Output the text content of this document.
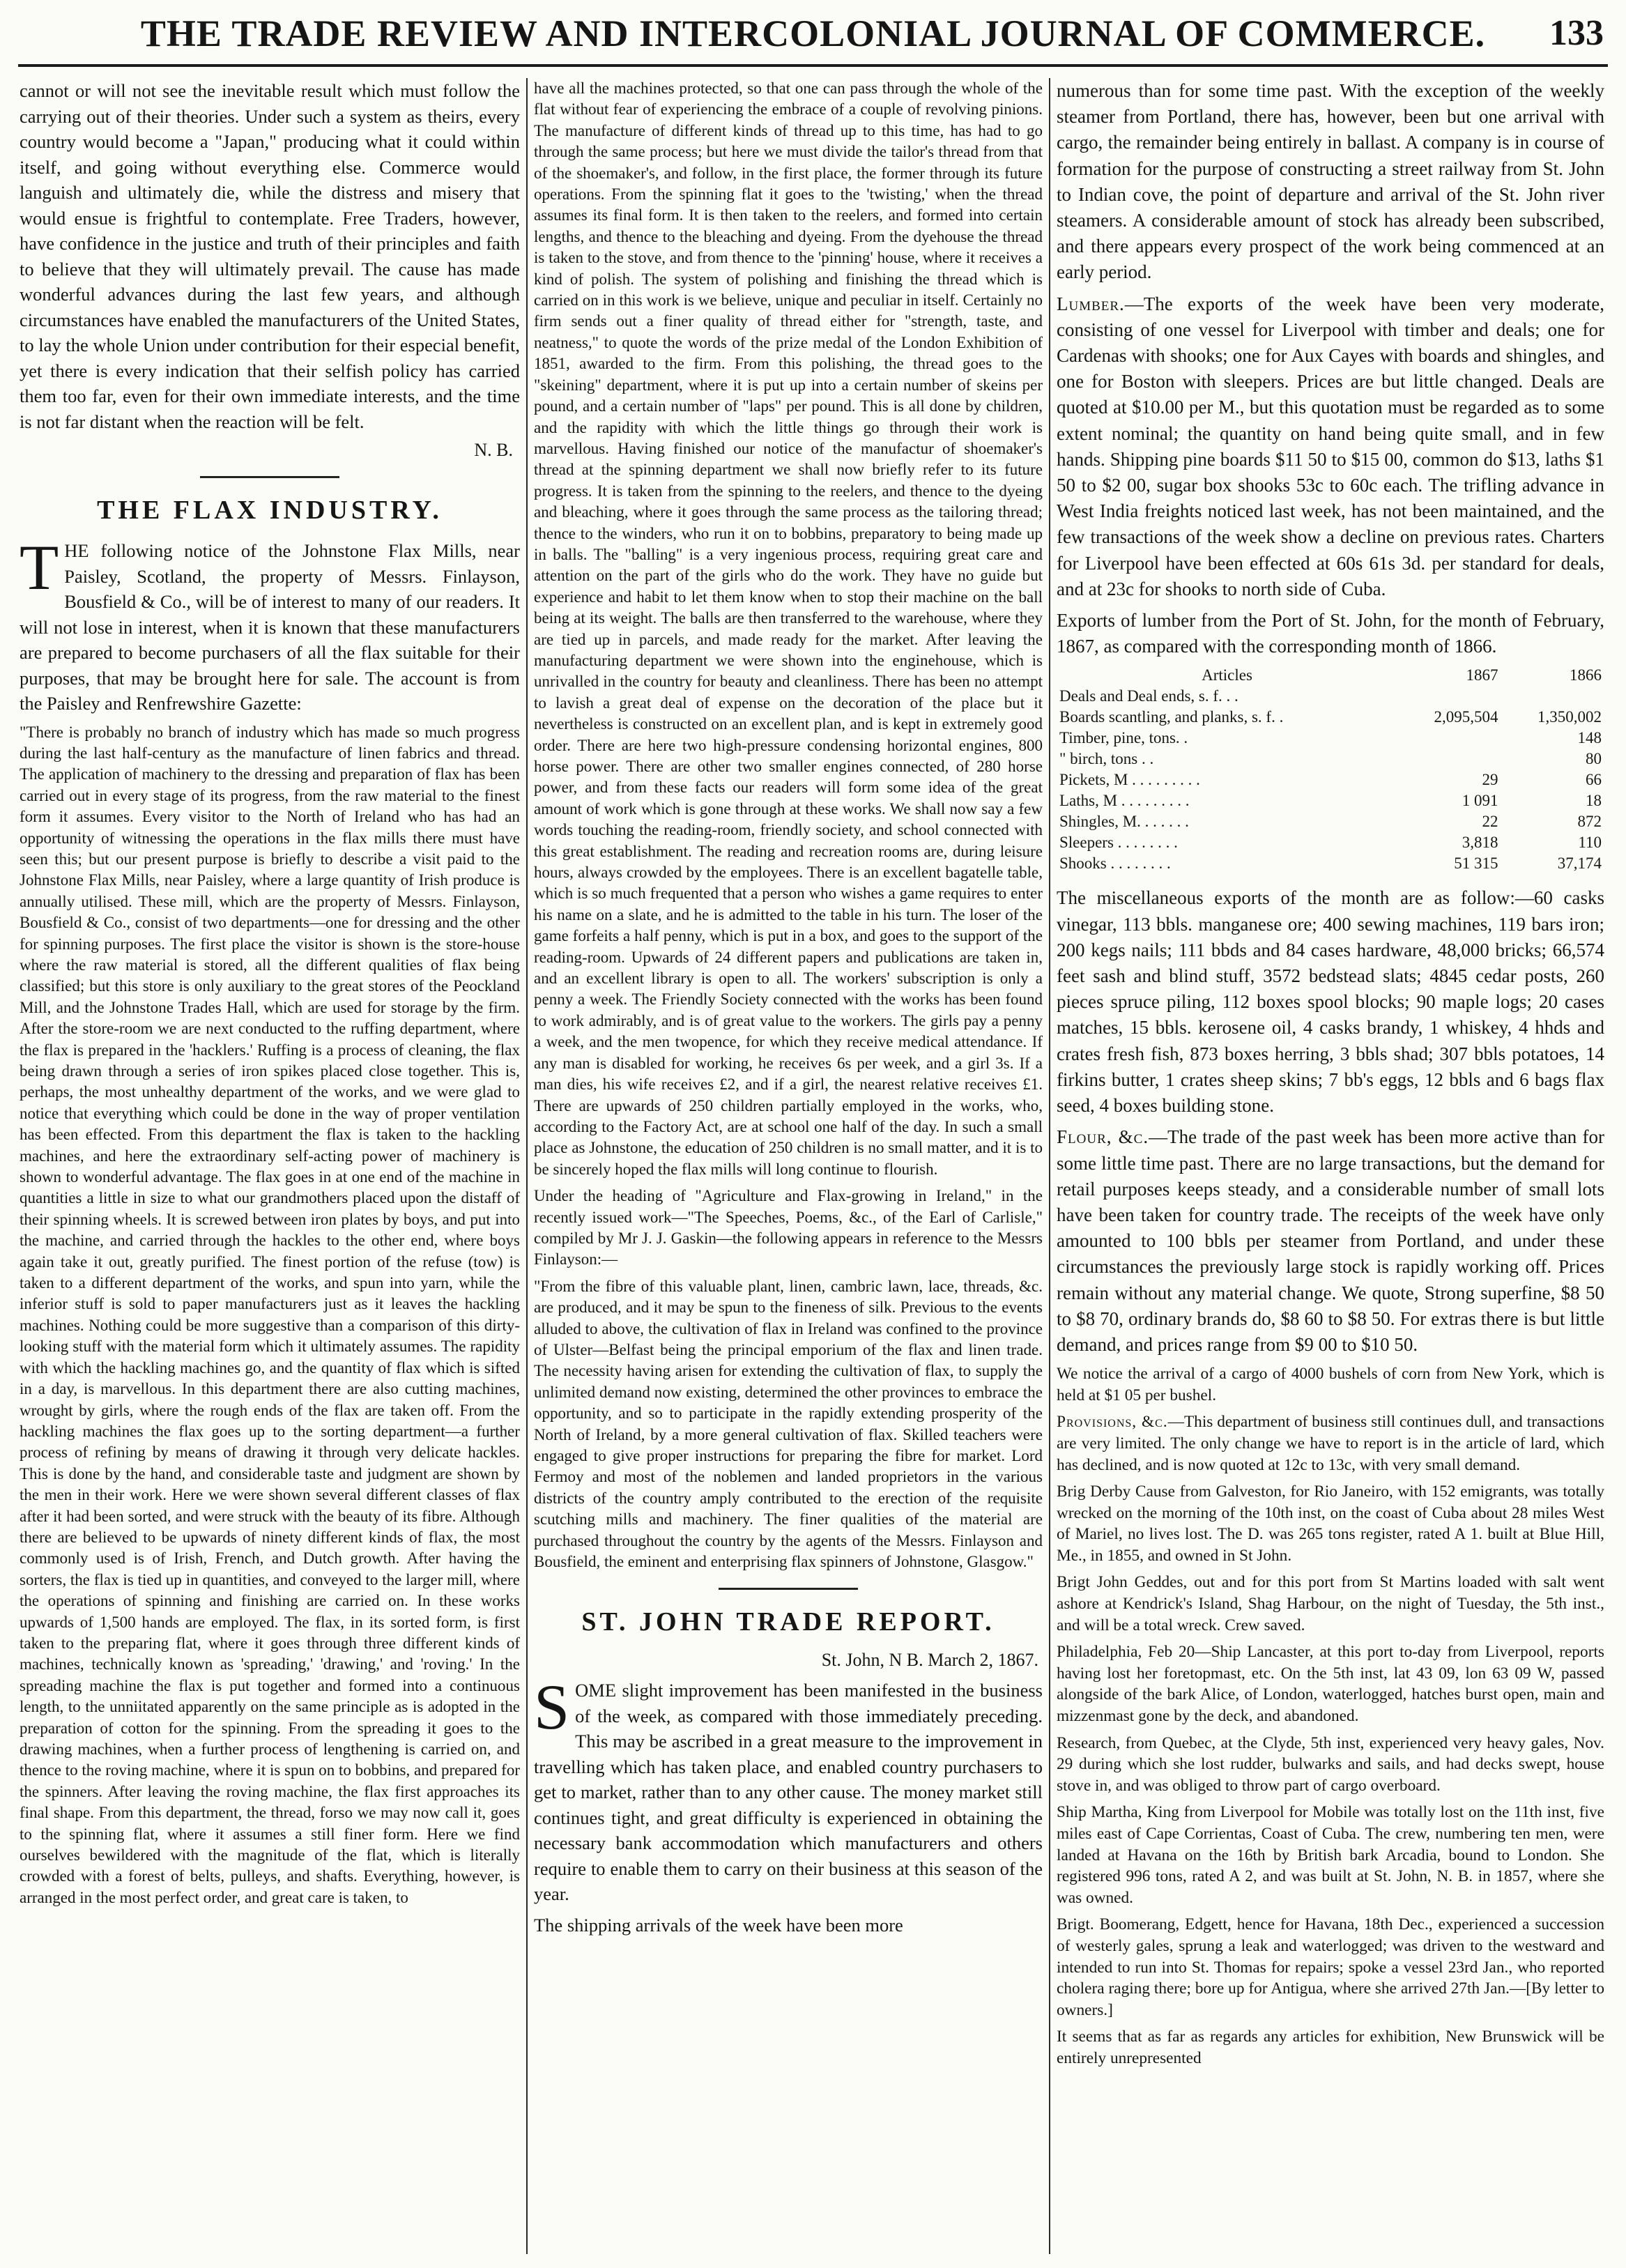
THE TRADE REVIEW AND INTERCOLONIAL JOURNAL OF COMMERCE.	133

cannot or will not see the inevitable result which must follow the carrying out of their theories. Under such a system as theirs, every country would become a "Japan," producing what it could within itself, and going without everything else. Commerce would languish and ultimately die, while the distress and misery that would ensue is frightful to contemplate. Free Traders, however, have confidence in the justice and truth of their principles and faith to believe that they will ultimately prevail. The cause has made wonderful advances during the last few years, and although circumstances have enabled the manufacturers of the United States, to lay the whole Union under contribution for their especial benefit, yet there is every indication that their selfish policy has carried them too far, even for their own immediate interests, and the time is not far distant when the reaction will be felt.

N. B.
THE FLAX INDUSTRY.

THE following notice of the Johnstone Flax Mills, near Paisley, Scotland, the property of Messrs. Finlayson, Bousfield & Co., will be of interest to many of our readers. It will not lose in interest, when it is known that these manufacturers are prepared to become purchasers of all the flax suitable for their purposes, that may be brought here for sale. The account is from the Paisley and Renfrewshire Gazette:

"There is probably no branch of industry which has made so much progress during the last half-century as the manufacture of linen fabrics and thread. The application of machinery to the dressing and preparation of flax has been carried out in every stage of its progress, from the raw material to the finest form it assumes. Every visitor to the North of Ireland who has had an opportunity of witnessing the operations in the flax mills there must have seen this; but our present purpose is briefly to describe a visit paid to the Johnstone Flax Mills, near Paisley, where a large quantity of Irish produce is annually utilised. These mill, which are the property of Messrs. Finlayson, Bousfield & Co., consist of two departments—one for dressing and the other for spinning purposes. The first place the visitor is shown is the store-house where the raw material is stored, all the different qualities of flax being classified; but this store is only auxiliary to the great stores of the Peockland Mill, and the Johnstone Trades Hall, which are used for storage by the firm. After the store-room we are next conducted to the ruffing department, where the flax is prepared in the 'hacklers.' Ruffing is a process of cleaning, the flax being drawn through a series of iron spikes placed close together. This is, perhaps, the most unhealthy department of the works, and we were glad to notice that everything which could be done in the way of proper ventilation has been effected. From this department the flax is taken to the hackling machines, and here the extraordinary self-acting power of machinery is shown to wonderful advantage. The flax goes in at one end of the machine in quantities a little in size to what our grandmothers placed upon the distaff of their spinning wheels. It is screwed between iron plates by boys, and put into the machine, and carried through the hackles to the other end, where boys again take it out, greatly purified. The finest portion of the refuse (tow) is taken to a different department of the works, and spun into yarn, while the inferior stuff is sold to paper manufacturers just as it leaves the hackling machines. Nothing could be more suggestive than a comparison of this dirty-looking stuff with the material form which it ultimately assumes. The rapidity with which the hackling machines go, and the quantity of flax which is sifted in a day, is marvellous. In this department there are also cutting machines, wrought by girls, where the rough ends of the flax are taken off. From the hackling machines the flax goes up to the sorting department—a further process of refining by means of drawing it through very delicate hackles. This is done by the hand, and considerable taste and judgment are shown by the men in their work. Here we were shown several different classes of flax after it had been sorted, and were struck with the beauty of its fibre. Although there are believed to be upwards of ninety different kinds of flax, the most commonly used is of Irish, French, and Dutch growth. After having the sorters, the flax is tied up in quantities, and conveyed to the larger mill, where the operations of spinning and finishing are carried on. In these works upwards of 1,500 hands are employed. The flax, in its sorted form, is first taken to the preparing flat, where it goes through three different kinds of machines, technically known as 'spreading,' 'drawing,' and 'roving.' In the spreading machine the flax is put together and formed into a continuous length, to the unniitated apparently on the same principle as is adopted in the preparation of cotton for the spinning. From the spreading it goes to the drawing machines, when a further process of lengthening is carried on, and thence to the roving machine, where it is spun on to bobbins, and prepared for the spinners. After leaving the roving machine, the flax first approaches its final shape. From this department, the thread, forso we may now call it, goes to the spinning flat, where it assumes a still finer form. Here we find ourselves bewildered with the magnitude of the flat, which is literally crowded with a forest of belts, pulleys, and shafts. Everything, however, is arranged in the most perfect order, and great care is taken, to

have all the machines protected, so that one can pass through the whole of the flat without fear of experiencing the embrace of a couple of revolving pinions. The manufacture of different kinds of thread up to this time, has had to go through the same process; but here we must divide the tailor's thread from that of the shoemaker's, and follow, in the first place, the former through its future operations. From the spinning flat it goes to the 'twisting,' when the thread assumes its final form. It is then taken to the reelers, and formed into certain lengths, and thence to the bleaching and dyeing. From the dyehouse the thread is taken to the stove, and from thence to the 'pinning' house, where it receives a kind of polish. The system of polishing and finishing the thread which is carried on in this work is we believe, unique and peculiar in itself. Certainly no firm sends out a finer quality of thread either for "strength, taste, and neatness," to quote the words of the prize medal of the London Exhibition of 1851, awarded to the firm. From this polishing, the thread goes to the "skeining" department, where it is put up into a certain number of skeins per pound, and a certain number of "laps" per pound. This is all done by children, and the rapidity with which the little things go through their work is marvellous. Having finished our notice of the manufactur of shoemaker's thread at the spinning department we shall now briefly refer to its future progress. It is taken from the spinning to the reelers, and thence to the dyeing and bleaching, where it goes through the same process as the tailoring thread; thence to the winders, who run it on to bobbins, preparatory to being made up in balls. The "balling" is a very ingenious process, requiring great care and attention on the part of the girls who do the work. They have no guide but experience and habit to let them know when to stop their machine on the ball being at its weight. The balls are then transferred to the warehouse, where they are tied up in parcels, and made ready for the market. After leaving the manufacturing department we were shown into the enginehouse, which is unrivalled in the country for beauty and cleanliness. There has been no attempt to lavish a great deal of expense on the decoration of the place but it nevertheless is constructed on an excellent plan, and is kept in extremely good order. There are here two high-pressure condensing horizontal engines, 800 horse power. There are other two smaller engines connected, of 280 horse power, and from these facts our readers will form some idea of the great amount of work which is gone through at these works. We shall now say a few words touching the reading-room, friendly society, and school connected with this great establishment. The reading and recreation rooms are, during leisure hours, always crowded by the employees. There is an excellent bagatelle table, which is so much frequented that a person who wishes a game requires to enter his name on a slate, and he is admitted to the table in his turn. The loser of the game forfeits a half penny, which is put in a box, and goes to the support of the reading-room. Upwards of 24 different papers and publications are taken in, and an excellent library is open to all. The workers' subscription is only a penny a week. The Friendly Society connected with the works has been found to work admirably, and is of great value to the workers. The girls pay a penny a week, and the men twopence, for which they receive medical attendance. If any man is disabled for working, he receives 6s per week, and a girl 3s. If a man dies, his wife receives £2, and if a girl, the nearest relative receives £1. There are upwards of 250 children partially employed in the works, who, according to the Factory Act, are at school one half of the day. In such a small place as Johnstone, the education of 250 children is no small matter, and it is to be sincerely hoped the flax mills will long continue to flourish.

Under the heading of "Agriculture and Flax-growing in Ireland," in the recently issued work—"The Speeches, Poems, &c., of the Earl of Carlisle," compiled by Mr J. J. Gaskin—the following appears in reference to the Messrs Finlayson:—

"From the fibre of this valuable plant, linen, cambric lawn, lace, threads, &c. are produced, and it may be spun to the fineness of silk. Previous to the events alluded to above, the cultivation of flax in Ireland was confined to the province of Ulster—Belfast being the principal emporium of the flax and linen trade. The necessity having arisen for extending the cultivation of flax, to supply the unlimited demand now existing, determined the other provinces to embrace the opportunity, and so to participate in the rapidly extending prosperity of the North of Ireland, by a more general cultivation of flax. Skilled teachers were engaged to give proper instructions for preparing the fibre for market. Lord Fermoy and most of the noblemen and landed proprietors in the various districts of the country amply contributed to the erection of the requisite scutching mills and machinery. The finer qualities of the material are purchased throughout the country by the agents of the Messrs. Finlayson and Bousfield, the eminent and enterprising flax spinners of Johnstone, Glasgow."

ST. JOHN TRADE REPORT.
St. John, N B. March 2, 1867.

SOME slight improvement has been manifested in the business of the week, as compared with those immediately preceding. This may be ascribed in a great measure to the improvement in travelling which has taken place, and enabled country purchasers to get to market, rather than to any other cause. The money market still continues tight, and great difficulty is experienced in obtaining the necessary bank accommodation which manufacturers and others require to enable them to carry on their business at this season of the year.

The shipping arrivals of the week have been more

numerous than for some time past. With the exception of the weekly steamer from Portland, there has, however, been but one arrival with cargo, the remainder being entirely in ballast. A company is in course of formation for the purpose of constructing a street railway from St. John to Indian cove, the point of departure and arrival of the St. John river steamers. A considerable amount of stock has already been subscribed, and there appears every prospect of the work being commenced at an early period.

Lumber.—The exports of the week have been very moderate, consisting of one vessel for Liverpool with timber and deals; one for Cardenas with shooks; one for Aux Cayes with boards and shingles, and one for Boston with sleepers. Prices are but little changed. Deals are quoted at $10.00 per M., but this quotation must be regarded as to some extent nominal; the quantity on hand being quite small, and in few hands. Shipping pine boards $11 50 to $15 00, common do $13, laths $1 50 to $2 00, sugar box shooks 53c to 60c each. The trifling advance in West India freights noticed last week, has not been maintained, and the few transactions of the week show a decline on previous rates. Charters for Liverpool have been effected at 60s 61s 3d. per standard for deals, and at 23c for shooks to north side of Cuba.

Exports of lumber from the Port of St. John, for the month of February, 1867, as compared with the corresponding month of 1866.

Articles	1867	1866
Deals and Deal ends, s. f. . .		
Boards scantling, and planks, s. f. .	2,095,504	1,350,002
Timber, pine, tons. .		148
" birch, tons . .		80
Pickets, M . . . . . . . . .	29	66
Laths, M . . . . . . . . .	1 091	18
Shingles, M. . . . . . .	22	872
Sleepers . . . . . . . .	3,818	110
Shooks . . . . . . . .	51 315	37,174

The miscellaneous exports of the month are as follow:—60 casks vinegar, 113 bbls. manganese ore; 400 sewing machines, 119 bars iron; 200 kegs nails; 111 bbds and 84 cases hardware, 48,000 bricks; 66,574 feet sash and blind stuff, 3572 bedstead slats; 4845 cedar posts, 260 pieces spruce piling, 112 boxes spool blocks; 90 maple logs; 20 cases matches, 15 bbls. kerosene oil, 4 casks brandy, 1 whiskey, 4 hhds and crates fresh fish, 873 boxes herring, 3 bbls shad; 307 bbls potatoes, 14 firkins butter, 1 crates sheep skins; 7 bb's eggs, 12 bbls and 6 bags flax seed, 4 boxes building stone.

Flour, &c.—The trade of the past week has been more active than for some little time past. There are no large transactions, but the demand for retail purposes keeps steady, and a considerable number of small lots have been taken for country trade. The receipts of the week have only amounted to 100 bbls per steamer from Portland, and under these circumstances the previously large stock is rapidly working off. Prices remain without any material change. We quote, Strong superfine, $8 50 to $8 70, ordinary brands do, $8 60 to $8 50. For extras there is but little demand, and prices range from $9 00 to $10 50.

We notice the arrival of a cargo of 4000 bushels of corn from New York, which is held at $1 05 per bushel.

Provisions, &c.—This department of business still continues dull, and transactions are very limited. The only change we have to report is in the article of lard, which has declined, and is now quoted at 12c to 13c, with very small demand.

Brig Derby Cause from Galveston, for Rio Janeiro, with 152 emigrants, was totally wrecked on the morning of the 10th inst, on the coast of Cuba about 28 miles West of Mariel, no lives lost. The D. was 265 tons register, rated A 1. built at Blue Hill, Me., in 1855, and owned in St John.

Brigt John Geddes, out and for this port from St Martins loaded with salt went ashore at Kendrick's Island, Shag Harbour, on the night of Tuesday, the 5th inst., and will be a total wreck. Crew saved.

Philadelphia, Feb 20—Ship Lancaster, at this port to-day from Liverpool, reports having lost her foretopmast, etc. On the 5th inst, lat 43 09, lon 63 09 W, passed alongside of the bark Alice, of London, waterlogged, hatches burst open, main and mizzenmast gone by the deck, and abandoned.

Research, from Quebec, at the Clyde, 5th inst, experienced very heavy gales, Nov. 29 during which she lost rudder, bulwarks and sails, and had decks swept, house stove in, and was obliged to throw part of cargo overboard.

Ship Martha, King from Liverpool for Mobile was totally lost on the 11th inst, five miles east of Cape Corrientas, Coast of Cuba. The crew, numbering ten men, were landed at Havana on the 16th by British bark Arcadia, bound to London. She registered 996 tons, rated A 2, and was built at St. John, N. B. in 1857, where she was owned.

Brigt. Boomerang, Edgett, hence for Havana, 18th Dec., experienced a succession of westerly gales, sprung a leak and waterlogged; was driven to the westward and intended to run into St. Thomas for repairs; spoke a vessel 23rd Jan., who reported cholera raging there; bore up for Antigua, where she arrived 27th Jan.—[By letter to owners.]

It seems that as far as regards any articles for exhibition, New Brunswick will be entirely unrepresented
